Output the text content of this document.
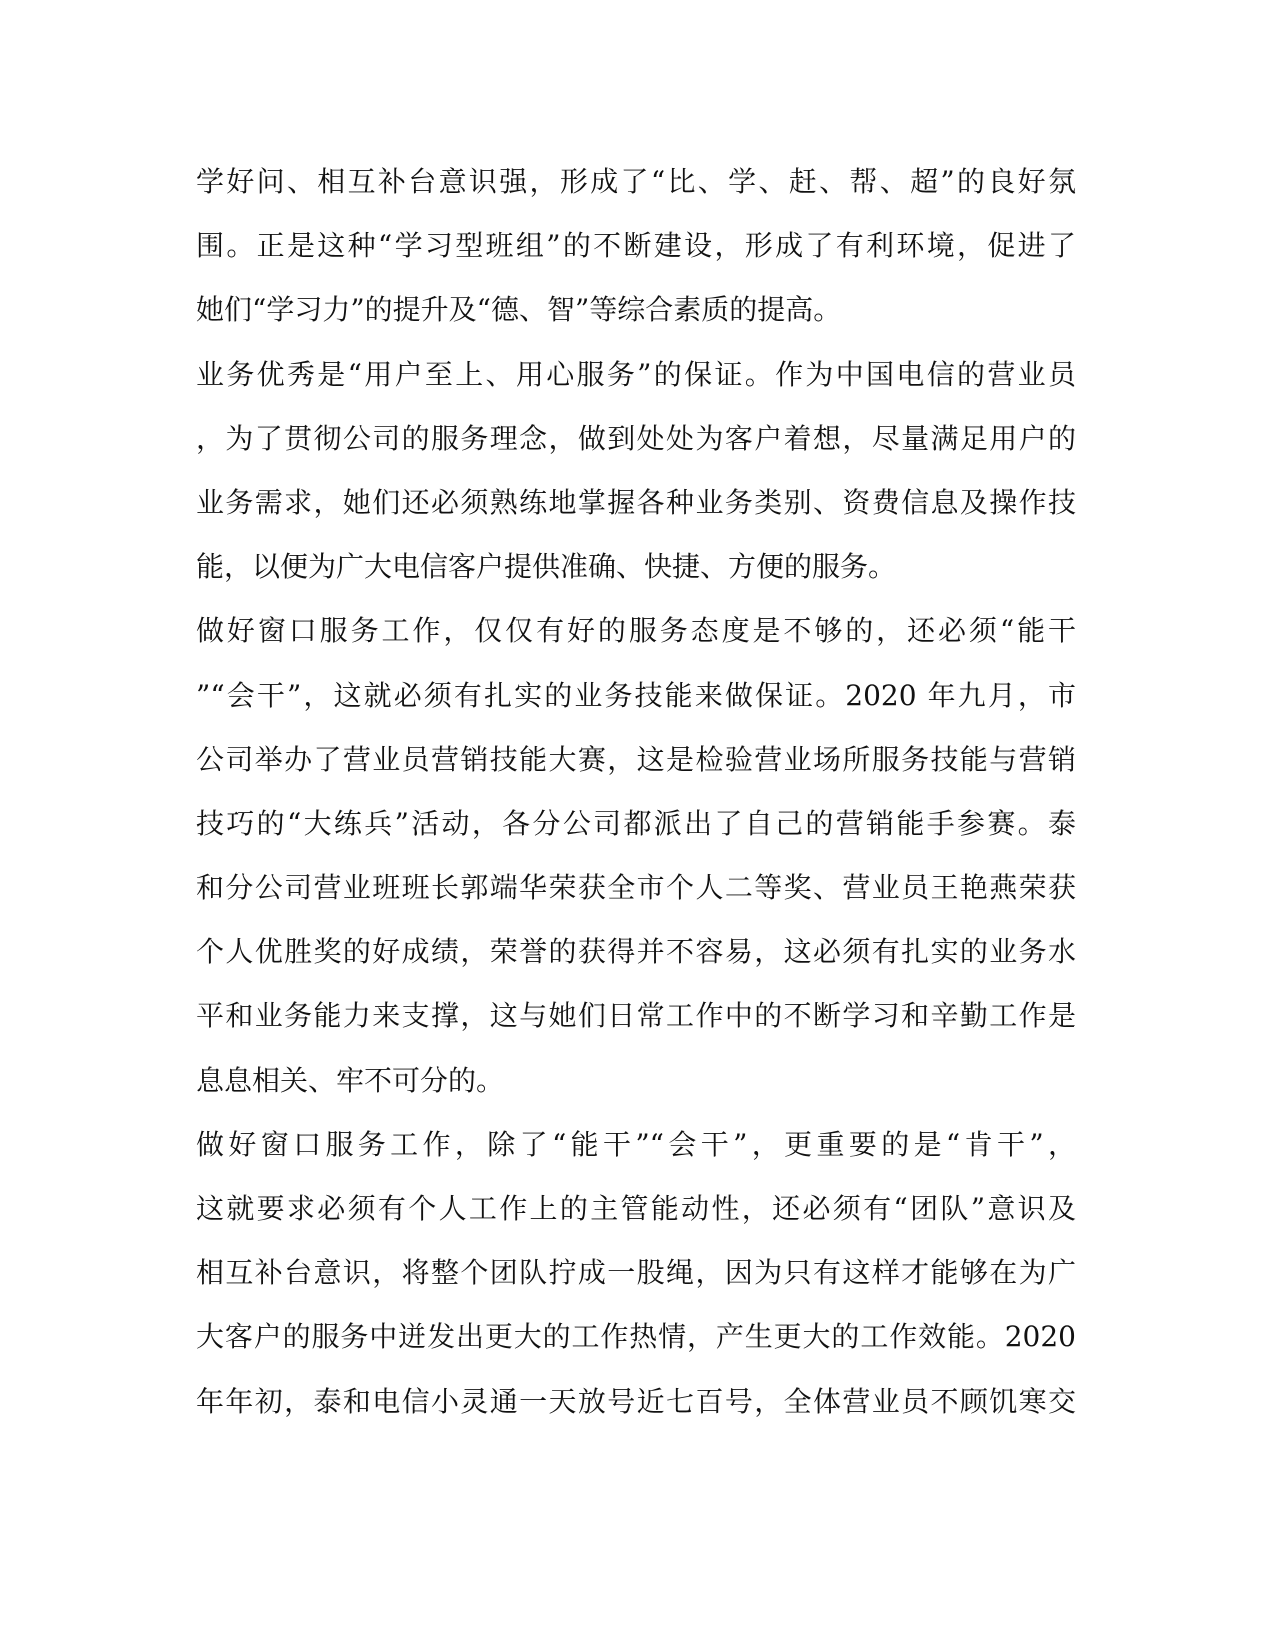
学好问、相互补台意识强，形成了“比、学、赶、帮、超”的良好氛
围。正是这种“学习型班组”的不断建设，形成了有利环境，促进了
她们“学习力”的提升及“德、智”等综合素质的提高。
业务优秀是“用户至上、用心服务”的保证。作为中国电信的营业员
，为了贯彻公司的服务理念，做到处处为客户着想，尽量满足用户的
业务需求，她们还必须熟练地掌握各种业务类别、资费信息及操作技
能，以便为广大电信客户提供准确、快捷、方便的服务。
做好窗口服务工作，仅仅有好的服务态度是不够的，还必须“能干
”“会干”，这就必须有扎实的业务技能来做保证。2020 年九月，市
公司举办了营业员营销技能大赛，这是检验营业场所服务技能与营销
技巧的“大练兵”活动，各分公司都派出了自己的营销能手参赛。泰
和分公司营业班班长郭端华荣获全市个人二等奖、营业员王艳燕荣获
个人优胜奖的好成绩，荣誉的获得并不容易，这必须有扎实的业务水
平和业务能力来支撑，这与她们日常工作中的不断学习和辛勤工作是
息息相关、牢不可分的。
做好窗口服务工作，除了“能干”“会干”，更重要的是“肯干”，
这就要求必须有个人工作上的主管能动性，还必须有“团队”意识及
相互补台意识，将整个团队拧成一股绳，因为只有这样才能够在为广
大客户的服务中迸发出更大的工作热情，产生更大的工作效能。2020
年年初，泰和电信小灵通一天放号近七百号，全体营业员不顾饥寒交
